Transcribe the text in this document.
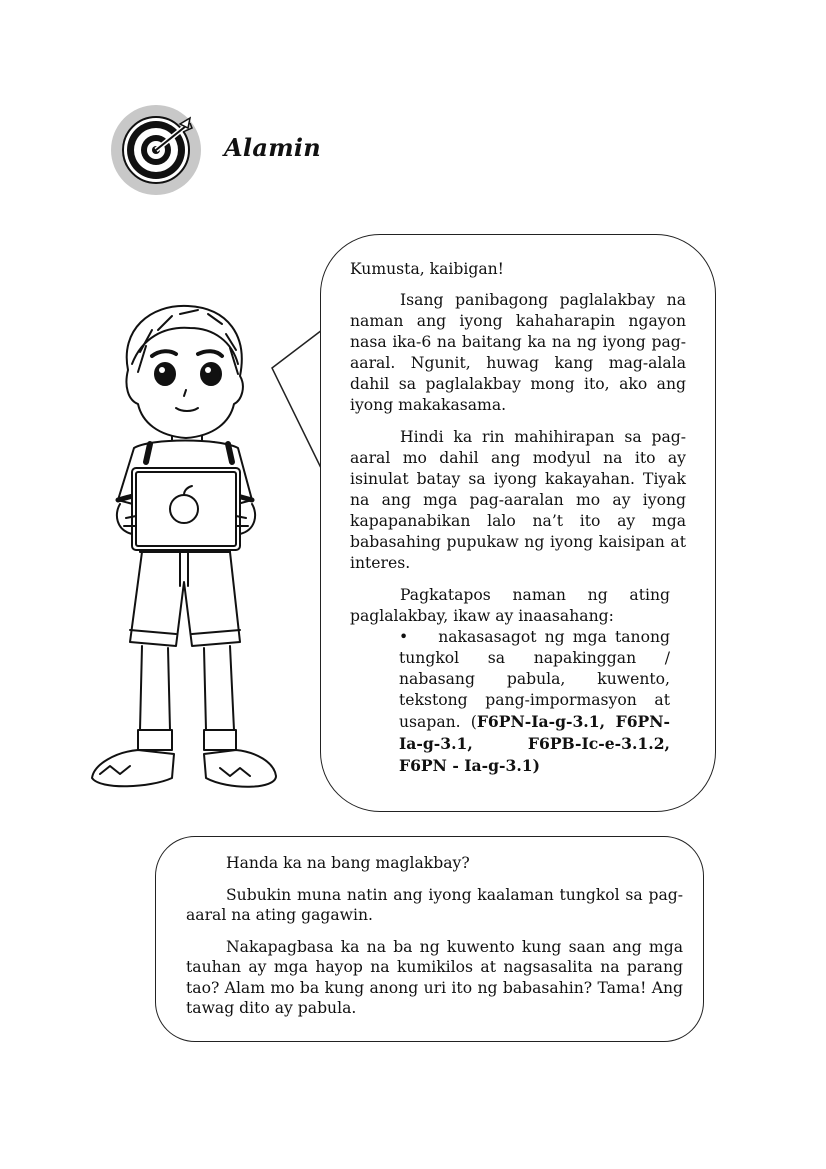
Alamin

Kumusta, kaibigan!

Isang panibagong paglalakbay na naman ang iyong kahaharapin ngayon nasa ika-6 na baitang ka na ng iyong pag-aaral. Ngunit, huwag kang mag-alala dahil sa paglalakbay mong ito, ako ang iyong makakasama.

Hindi ka rin mahihirapan sa pag-aaral mo dahil ang modyul na ito ay isinulat batay sa iyong kakayahan. Tiyak na ang mga pag-aaralan mo ay iyong kapapanabikan lalo na’t ito ay mga babasahing pupukaw ng iyong kaisipan at interes.

Pagkatapos naman ng ating paglalakbay, ikaw ay inaasahang:

• nakasasagot ng mga tanong tungkol sa napakinggan / nabasang pabula, kuwento, tekstong pang-impormasyon at usapan. (F6PN-Ia-g-3.1, F6PN-Ia-g-3.1, F6PB-Ic-e-3.1.2, F6PN - Ia-g-3.1)

Handa ka na bang maglakbay?

Subukin muna natin ang iyong kaalaman tungkol sa pag-aaral na ating gagawin.

Nakapagbasa ka na ba ng kuwento kung saan ang mga tauhan ay mga hayop na kumikilos at nagsasalita na parang tao? Alam mo ba kung anong uri ito ng babasahin? Tama! Ang tawag dito ay pabula.
